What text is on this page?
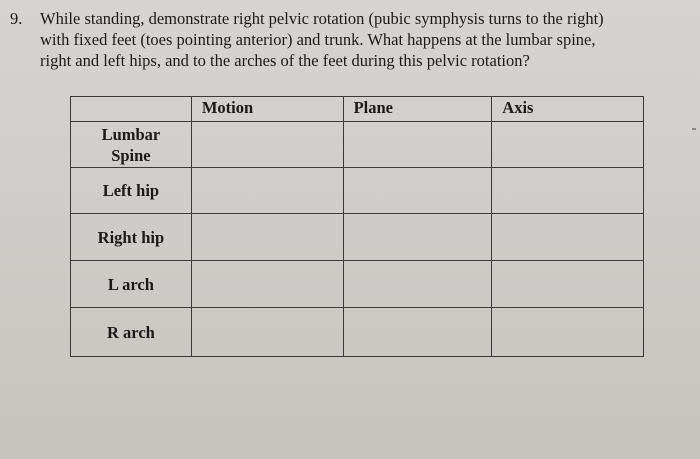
9. While standing, demonstrate right pelvic rotation (pubic symphysis turns to the right)
with fixed feet (toes pointing anterior) and trunk. What happens at the lumbar spine,
right and left hips, and to the arches of the feet during this pelvic rotation?
	Motion	Plane	Axis
Lumbar
Spine			
Left hip			
Right hip			
L arch			
R arch			
